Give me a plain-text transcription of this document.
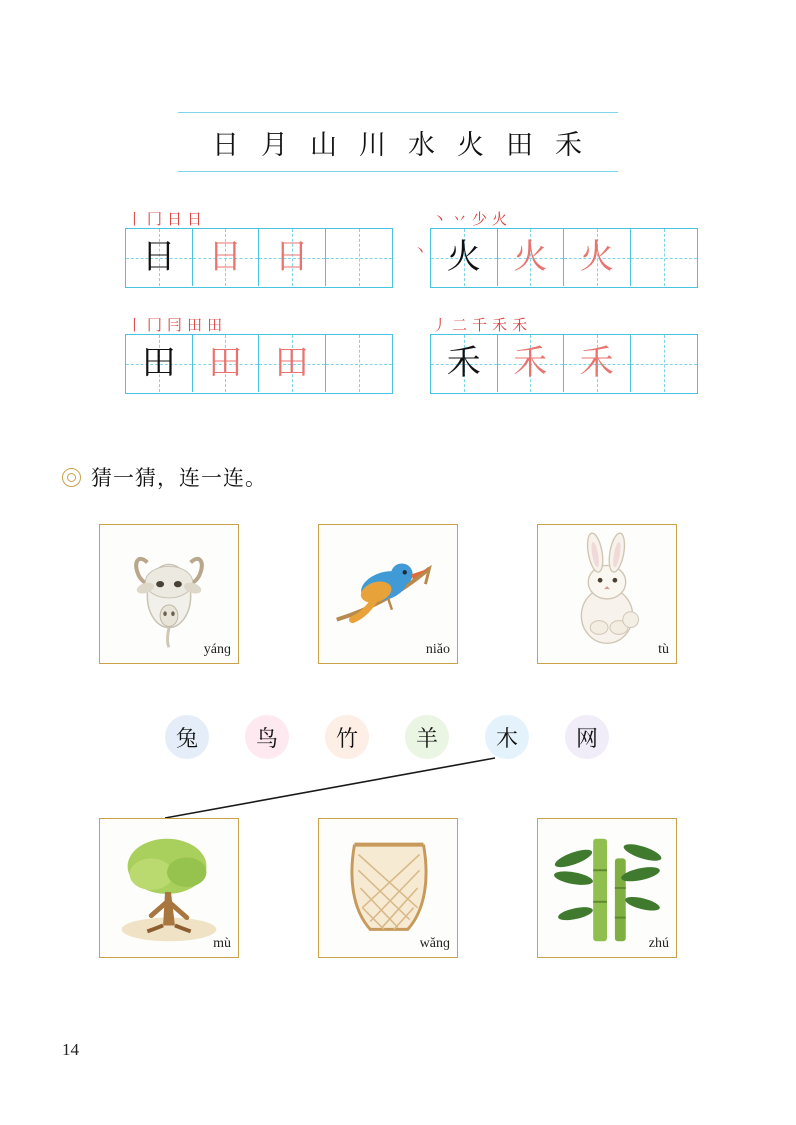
日 月 山 川 水 火 田 禾
丨 冂 日 日
日 日 日
丶 丷 少 火
丶 火 火 火
丨 冂 冃 田 田
田 田 田
丿 二 千 禾 禾
禾 禾 禾
猜一猜，连一连。
yánɡ	niǎo	tù
兔	鸟	竹	羊	木	网
mù	wǎnɡ	zhú
14
